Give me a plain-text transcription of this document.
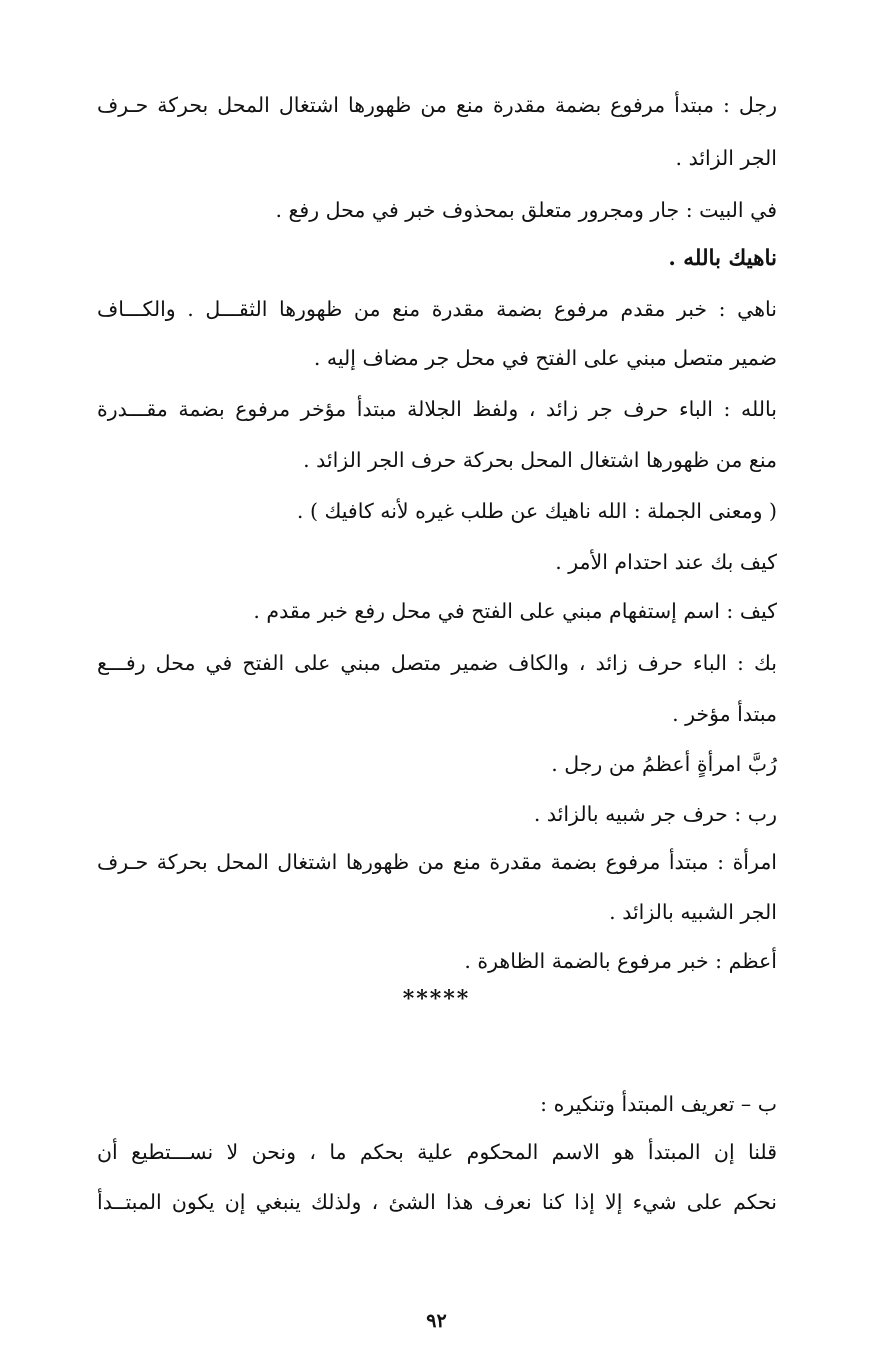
رجل : مبتدأ مرفوع بضمة مقدرة منع من ظهورها اشتغال المحل بحركة حـرف
الجر الزائد .
في البيت : جار ومجرور متعلق بمحذوف خبر في محل رفع .
ناهيك بالله .
ناهي : خبر مقدم مرفوع بضمة مقدرة منع من ظهورها الثقـــل . والكـــاف
ضمير متصل مبني على الفتح في محل جر مضاف إليه .
بالله : الباء حرف جر زائد ، ولفظ الجلالة مبتدأ مؤخر مرفوع بضمة مقـــدرة
منع من ظهورها اشتغال المحل بحركة حرف الجر الزائد .
( ومعنى الجملة : الله ناهيك عن طلب غيره لأنه كافيك ) .
كيف بك عند احتدام الأمر .
كيف : اسم إستفهام مبني على الفتح في محل رفع خبر مقدم .
بك : الباء حرف زائد ، والكاف ضمير متصل مبني على الفتح في محل رفـــع
مبتدأ مؤخر .
رُبَّ امرأةٍ أعظمُ من رجل .
رب : حرف جر شبيه بالزائد .
امرأة : مبتدأ مرفوع بضمة مقدرة منع من ظهورها اشتغال المحل بحركة حـرف
الجر الشبيه بالزائد .
أعظم : خبر مرفوع بالضمة الظاهرة .
*****
ب – تعريف المبتدأ وتنكيره :
قلنا إن المبتدأ هو الاسم المحكوم علية بحكم ما ، ونحن لا نســـتطيع أن
نحكم على شيء إلا إذا كنا نعرف هذا الشئ ، ولذلك ينبغي إن يكون المبتــدأ
٩٢
